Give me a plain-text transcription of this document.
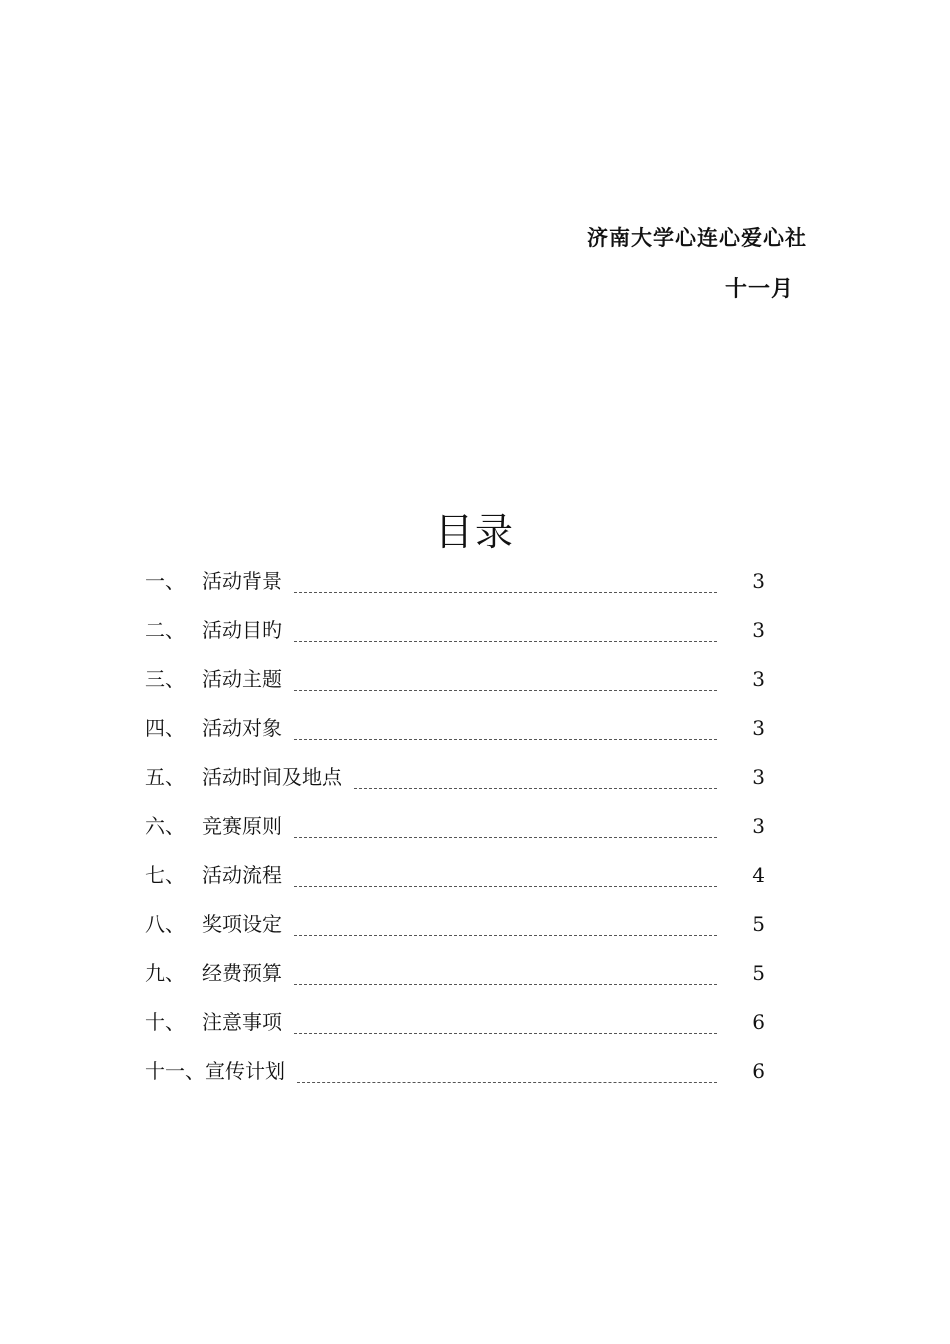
济南大学心连心爱心社
十一月
目录
一、 活动背景	3
二、 活动目旳	3
三、 活动主题	3
四、 活动对象	3
五、 活动时间及地点	3
六、 竞赛原则	3
七、 活动流程	4
八、 奖项设定	5
九、 经费预算	5
十、 注意事项	6
十一、 宣传计划	6
